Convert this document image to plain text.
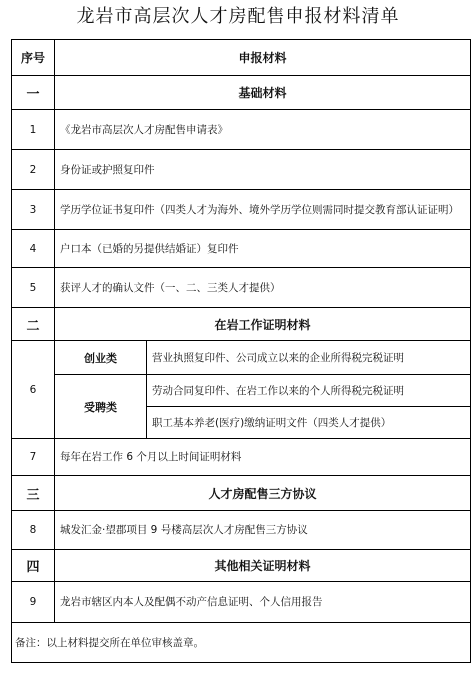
龙岩市高层次人才房配售申报材料清单
序号	申报材料	
一	基础材料	
1	《龙岩市高层次人才房配售申请表》	
2	身份证或护照复印件	
3	学历学位证书复印件（四类人才为海外、境外学历学位则需同时提交教育部认证证明）	
4	户口本（已婚的另提供结婚证）复印件	
5	获评人才的确认文件（一、二、三类人才提供）	
二	在岩工作证明材料	
6	创业类	营业执照复印件、公司成立以来的企业所得税完税证明
	受聘类	劳动合同复印件、在岩工作以来的个人所得税完税证明
		职工基本养老(医疗)缴纳证明文件（四类人才提供）
7	每年在岩工作 6 个月以上时间证明材料	
三	人才房配售三方协议	
8	城发汇金·望郡项目 9 号楼高层次人才房配售三方协议	
四	其他相关证明材料	
9	龙岩市辖区内本人及配偶不动产信息证明、个人信用报告	
备注：以上材料提交所在单位审核盖章。		
